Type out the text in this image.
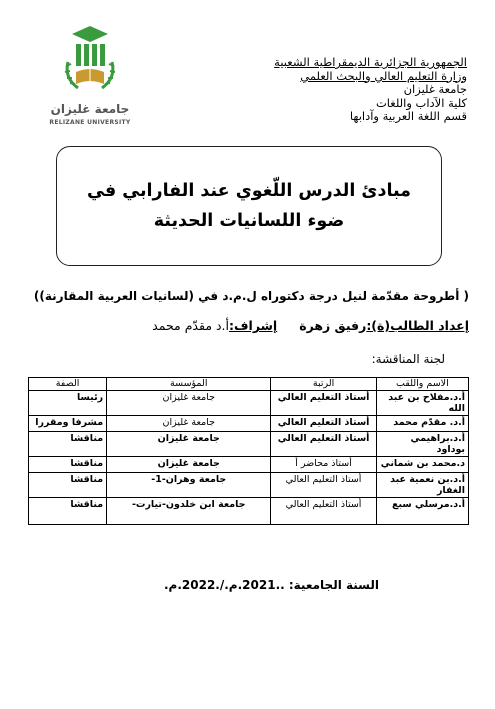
الجمهورية الجزائرية الديمقراطية الشعبية
وزارة التعليم العالي والبحث العلمي
جامعة غليزان
كلية الآداب واللغات
قسم اللغة العربية وآدابها
جامعة غليزان
RELIZANE UNIVERSITY
مبادئ الدرس اللّغوي عند الفارابي في ضوء اللسانيات الحديثة
( أطروحة مقدّمة لنيل درجة دكتوراه ل.م.د في (لسانيات العربية المقارنة))
إعداد الطالب(ة):رفيق زهرةإشراف:أ.د مقدّم محمد
لجنة المناقشة:
الاسم واللقب	الرتبة	المؤسسة	الصفة
أ.د.مفلاح بن عبد الله	أستاذ التعليم العالي	جامعة غليزان	رئيسا
أ.د. مقدّم محمد	أستاذ التعليم العالي	جامعة غليزان	مشرفا ومقررا
أ.د.براهيمي بوداود	أستاذ التعليم العالي	جامعة غليزان	مناقشا
د.محمد بن شماني	أستاذ محاضر أ	جامعة غليزان	مناقشا
أ.د.بن نعمية عبد الغفار	أستاذ التعليم العالي	جامعة وهران-1-	مناقشا
أ.د.مرسلي سبع	أستاذ التعليم العالي	جامعة ابن خلدون-تيارت-	مناقشا
السنة الجامعية: ..2021.م./.2022.م.
